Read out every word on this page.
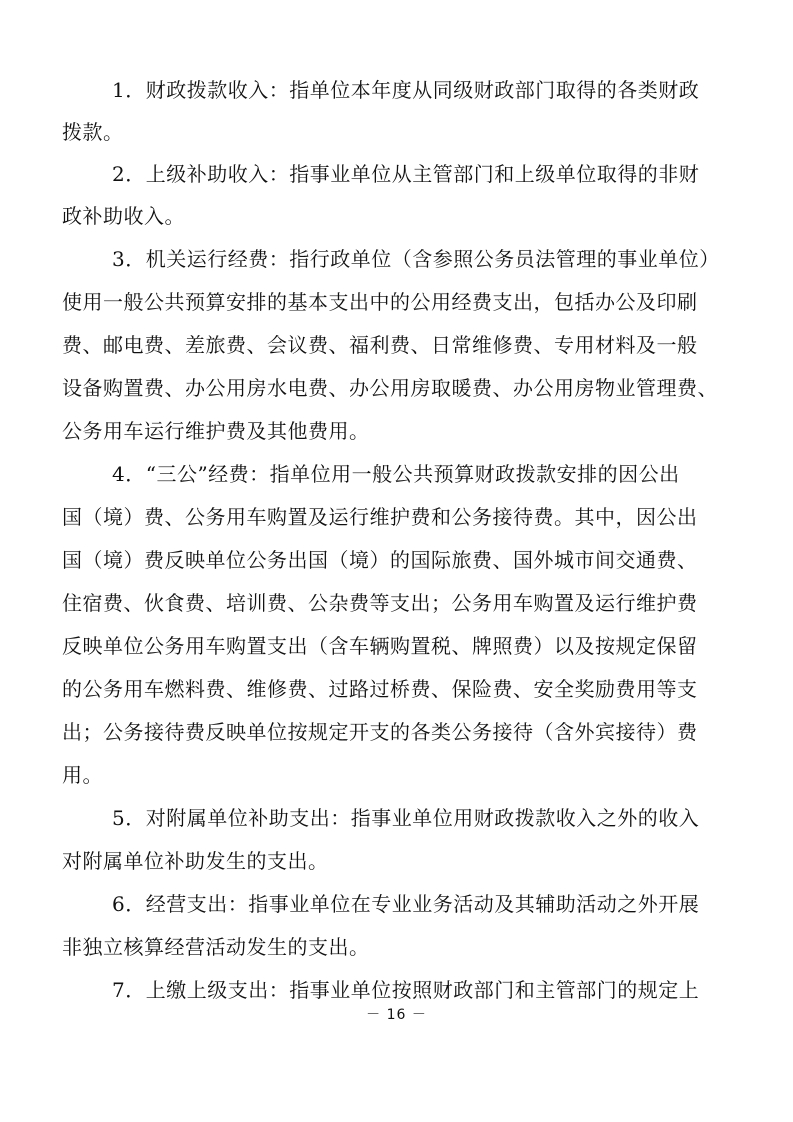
1．财政拨款收入：指单位本年度从同级财政部门取得的各类财政
拨款。
2．上级补助收入：指事业单位从主管部门和上级单位取得的非财
政补助收入。
3．机关运行经费：指行政单位（含参照公务员法管理的事业单位）
使用一般公共预算安排的基本支出中的公用经费支出，包括办公及印刷
费、邮电费、差旅费、会议费、福利费、日常维修费、专用材料及一般
设备购置费、办公用房水电费、办公用房取暖费、办公用房物业管理费、
公务用车运行维护费及其他费用。
4．“三公”经费：指单位用一般公共预算财政拨款安排的因公出
国（境）费、公务用车购置及运行维护费和公务接待费。其中，因公出
国（境）费反映单位公务出国（境）的国际旅费、国外城市间交通费、
住宿费、伙食费、培训费、公杂费等支出；公务用车购置及运行维护费
反映单位公务用车购置支出（含车辆购置税、牌照费）以及按规定保留
的公务用车燃料费、维修费、过路过桥费、保险费、安全奖励费用等支
出；公务接待费反映单位按规定开支的各类公务接待（含外宾接待）费
用。
5．对附属单位补助支出：指事业单位用财政拨款收入之外的收入
对附属单位补助发生的支出。
6．经营支出：指事业单位在专业业务活动及其辅助活动之外开展
非独立核算经营活动发生的支出。
7．上缴上级支出：指事业单位按照财政部门和主管部门的规定上
－ 16 －
